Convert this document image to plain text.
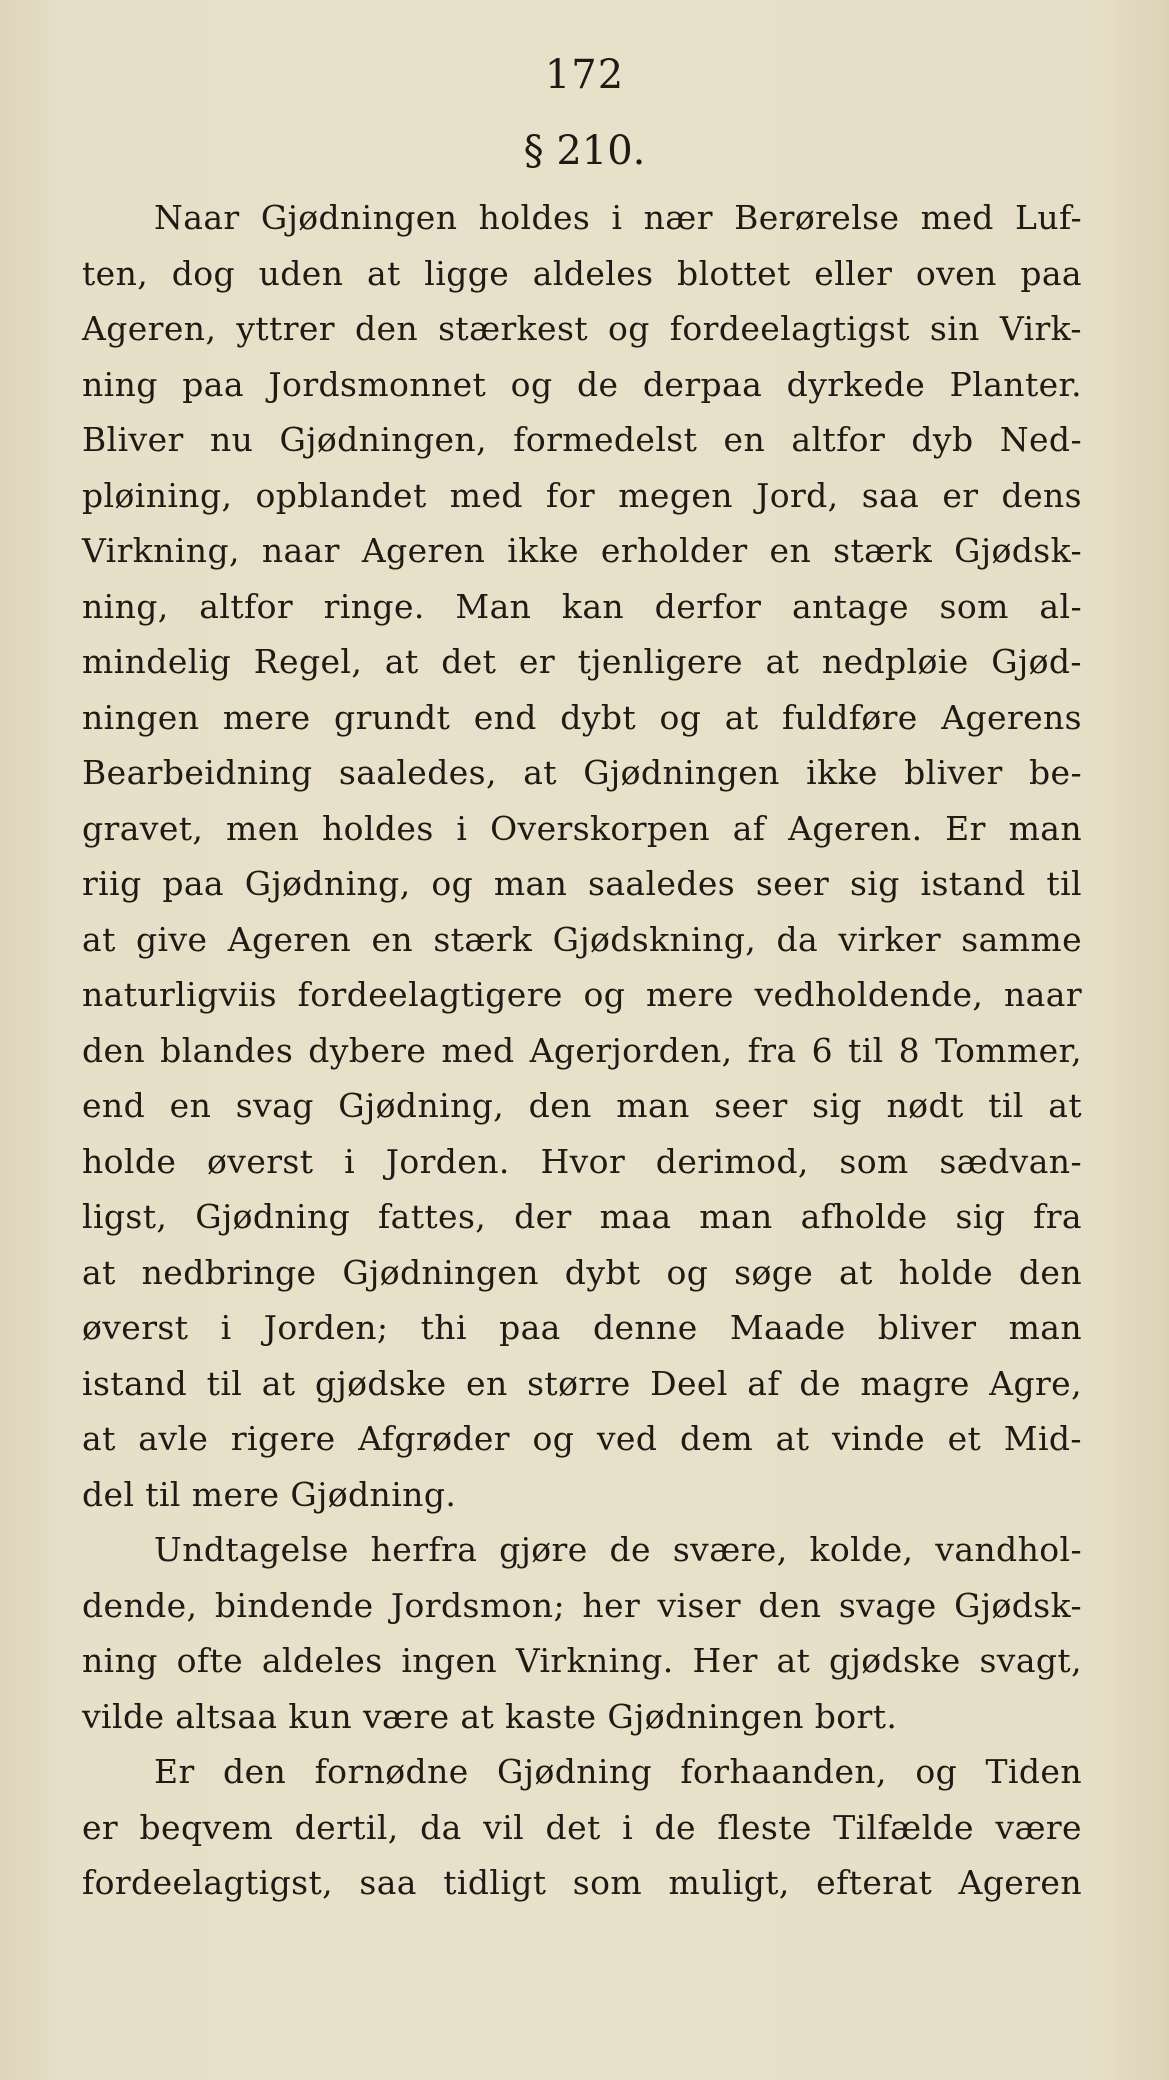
172
§ 210.
Naar Gjødningen holdes i nær Berørelse med Luf-
ten, dog uden at ligge aldeles blottet eller oven paa
Ageren, yttrer den stærkest og fordeelagtigst sin Virk-
ning paa Jordsmonnet og de derpaa dyrkede Planter.
Bliver nu Gjødningen, formedelst en altfor dyb Ned-
pløining, opblandet med for megen Jord, saa er dens
Virkning, naar Ageren ikke erholder en stærk Gjødsk-
ning, altfor ringe. Man kan derfor antage som al-
mindelig Regel, at det er tjenligere at nedpløie Gjød-
ningen mere grundt end dybt og at fuldføre Agerens
Bearbeidning saaledes, at Gjødningen ikke bliver be-
gravet, men holdes i Overskorpen af Ageren. Er man
riig paa Gjødning, og man saaledes seer sig istand til
at give Ageren en stærk Gjødskning, da virker samme
naturligviis fordeelagtigere og mere vedholdende, naar
den blandes dybere med Agerjorden, fra 6 til 8 Tommer,
end en svag Gjødning, den man seer sig nødt til at
holde øverst i Jorden. Hvor derimod, som sædvan-
ligst, Gjødning fattes, der maa man afholde sig fra
at nedbringe Gjødningen dybt og søge at holde den
øverst i Jorden; thi paa denne Maade bliver man
istand til at gjødske en større Deel af de magre Agre,
at avle rigere Afgrøder og ved dem at vinde et Mid-
del til mere Gjødning.
Undtagelse herfra gjøre de svære, kolde, vandhol-
dende, bindende Jordsmon; her viser den svage Gjødsk-
ning ofte aldeles ingen Virkning. Her at gjødske svagt,
vilde altsaa kun være at kaste Gjødningen bort.
Er den fornødne Gjødning forhaanden, og Tiden
er beqvem dertil, da vil det i de fleste Tilfælde være
fordeelagtigst, saa tidligt som muligt, efterat Ageren
